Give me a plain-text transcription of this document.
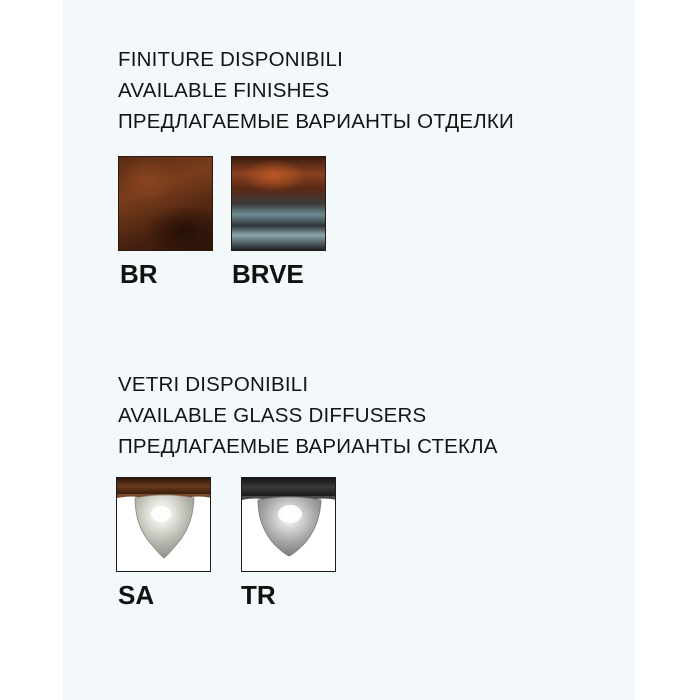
FINITURE DISPONIBILI
AVAILABLE FINISHES
ПРЕДЛАГАЕМЫЕ ВАРИАНТЫ ОТДЕЛКИ
BR	BRVE
VETRI DISPONIBILI
AVAILABLE GLASS DIFFUSERS
ПРЕДЛАГАЕМЫЕ ВАРИАНТЫ СТЕКЛА
SA	TR
